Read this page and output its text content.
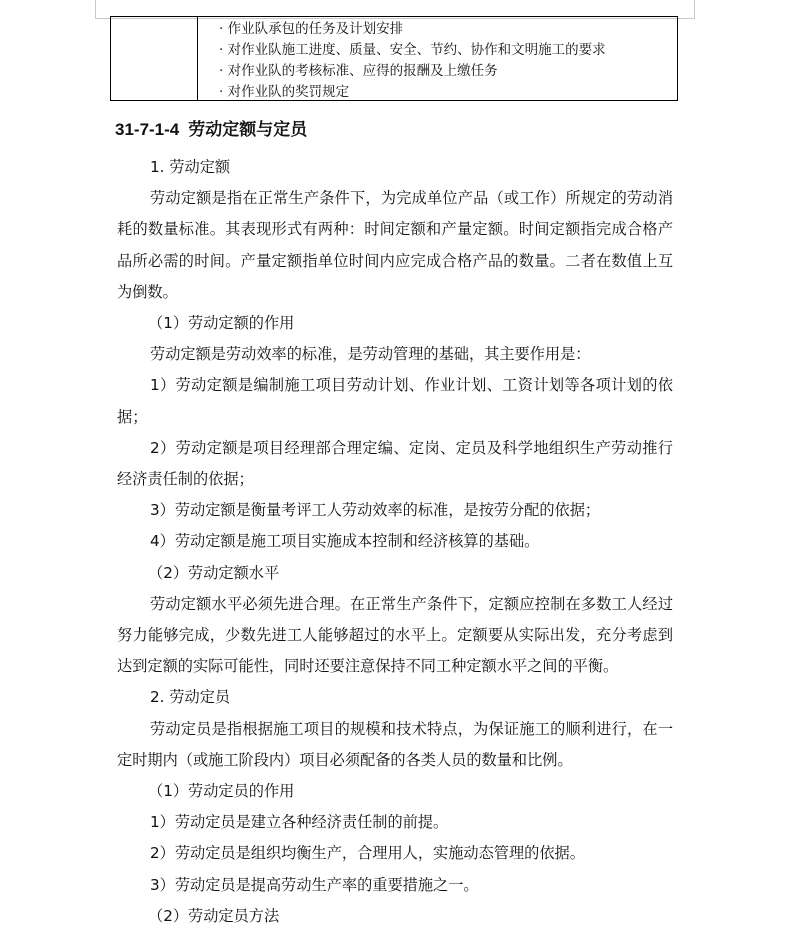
· 作业队承包的任务及计划安排
· 对作业队施工进度、质量、安全、节约、协作和文明施工的要求
· 对作业队的考核标准、应得的报酬及上缴任务
· 对作业队的奖罚规定
31-7-1-4 劳动定额与定员

1. 劳动定额

劳动定额是指在正常生产条件下，为完成单位产品（或工作）所规定的劳动消耗的数量标准。其表现形式有两种：时间定额和产量定额。时间定额指完成合格产品所必需的时间。产量定额指单位时间内应完成合格产品的数量。二者在数值上互为倒数。

（1）劳动定额的作用

劳动定额是劳动效率的标准，是劳动管理的基础，其主要作用是：

1）劳动定额是编制施工项目劳动计划、作业计划、工资计划等各项计划的依据；

2）劳动定额是项目经理部合理定编、定岗、定员及科学地组织生产劳动推行经济责任制的依据；

3）劳动定额是衡量考评工人劳动效率的标准，是按劳分配的依据；

4）劳动定额是施工项目实施成本控制和经济核算的基础。

（2）劳动定额水平

劳动定额水平必须先进合理。在正常生产条件下，定额应控制在多数工人经过努力能够完成，少数先进工人能够超过的水平上。定额要从实际出发，充分考虑到达到定额的实际可能性，同时还要注意保持不同工种定额水平之间的平衡。

2. 劳动定员

劳动定员是指根据施工项目的规模和技术特点，为保证施工的顺利进行，在一定时期内（或施工阶段内）项目必须配备的各类人员的数量和比例。

（1）劳动定员的作用

1）劳动定员是建立各种经济责任制的前提。

2）劳动定员是组织均衡生产，合理用人，实施动态管理的依据。

3）劳动定员是提高劳动生产率的重要措施之一。

（2）劳动定员方法
